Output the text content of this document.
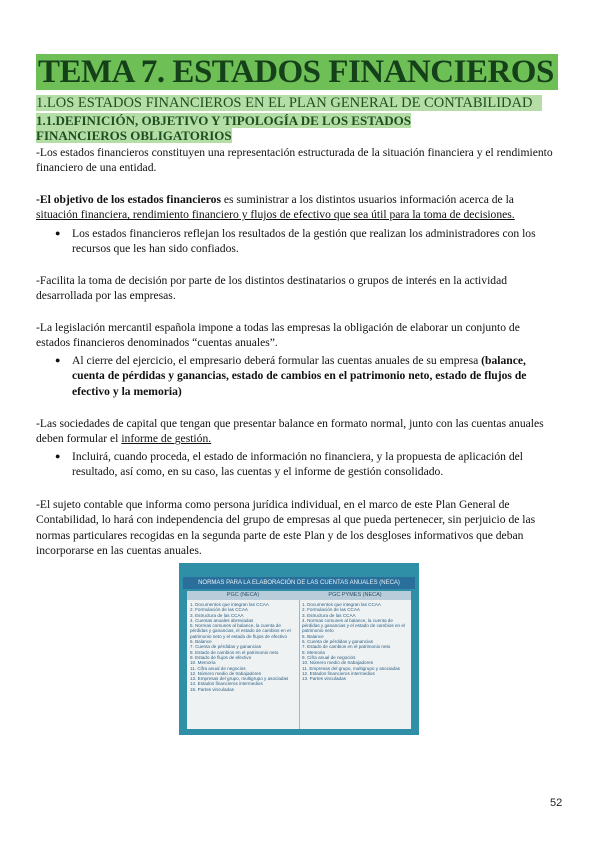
TEMA 7. ESTADOS FINANCIEROS
1.LOS ESTADOS FINANCIEROS EN EL PLAN GENERAL DE CONTABILIDAD
1.1.DEFINICIÓN, OBJETIVO Y TIPOLOGÍA DE LOS ESTADOS FINANCIEROS OBLIGATORIOS

-Los estados financieros constituyen una representación estructurada de la situación financiera y el rendimiento financiero de una entidad.

-El objetivo de los estados financieros es suministrar a los distintos usuarios información acerca de la situación financiera, rendimiento financiero y flujos de efectivo que sea útil para la toma de decisiones.

● Los estados financieros reflejan los resultados de la gestión que realizan los administradores con los recursos que les han sido confiados.

-Facilita la toma de decisión por parte de los distintos destinatarios o grupos de interés en la actividad desarrollada por las empresas.

-La legislación mercantil española impone a todas las empresas la obligación de elaborar un conjunto de estados financieros denominados “cuentas anuales”.

● Al cierre del ejercicio, el empresario deberá formular las cuentas anuales de su empresa (balance, cuenta de pérdidas y ganancias, estado de cambios en el patrimonio neto, estado de flujos de efectivo y la memoria)

-Las sociedades de capital que tengan que presentar balance en formato normal, junto con las cuentas anuales deben formular el informe de gestión.

● Incluirá, cuando proceda, el estado de información no financiera, y la propuesta de aplicación del resultado, así como, en su caso, las cuentas y el informe de gestión consolidado.

-El sujeto contable que informa como persona jurídica individual, en el marco de este Plan General de Contabilidad, lo hará con independencia del grupo de empresas al que pueda pertenecer, sin perjuicio de las normas particulares recogidas en la segunda parte de este Plan y de los desgloses informativos que deban incorporarse en las cuentas anuales.

NORMAS PARA LA ELABORACIÓN DE LAS CUENTAS ANUALES (NECA)
PGC (NECA)
1. Documentos que integran las CCAA
2. Formulación de las CCAA
3. Estructura de las CCAA
4. Cuentas anuales abreviadas
5. Normas comunes al balance, la cuenta de pérdidas y ganancias, el estado de cambios en el patrimonio neto y el estado de flujos de efectivo
6. Balance
7. Cuenta de pérdidas y ganancias
8. Estado de cambios en el patrimonio neto
9. Estado de flujos de efectivo
10. Memoria
11. Cifra anual de negocios
12. Número medio de trabajadores
13. Empresas del grupo, multigrupo y asociadas
14. Estados financieros intermedios
15. Partes vinculadas
PGC PYMES (NECA)
1. Documentos que integran las CCAA
2. Formulación de las CCAA
3. Estructura de las CCAA
4. Normas comunes al balance, la cuenta de pérdidas y ganancias y el estado de cambios en el patrimonio neto
5. Balance
6. Cuenta de pérdidas y ganancias
7. Estado de cambios en el patrimonio neto
8. Memoria
9. Cifra anual de negocios
10. Número medio de trabajadores
11. Empresas del grupo, multigrupo y asociadas
12. Estados financieros intermedios
13. Partes vinculadas
52
